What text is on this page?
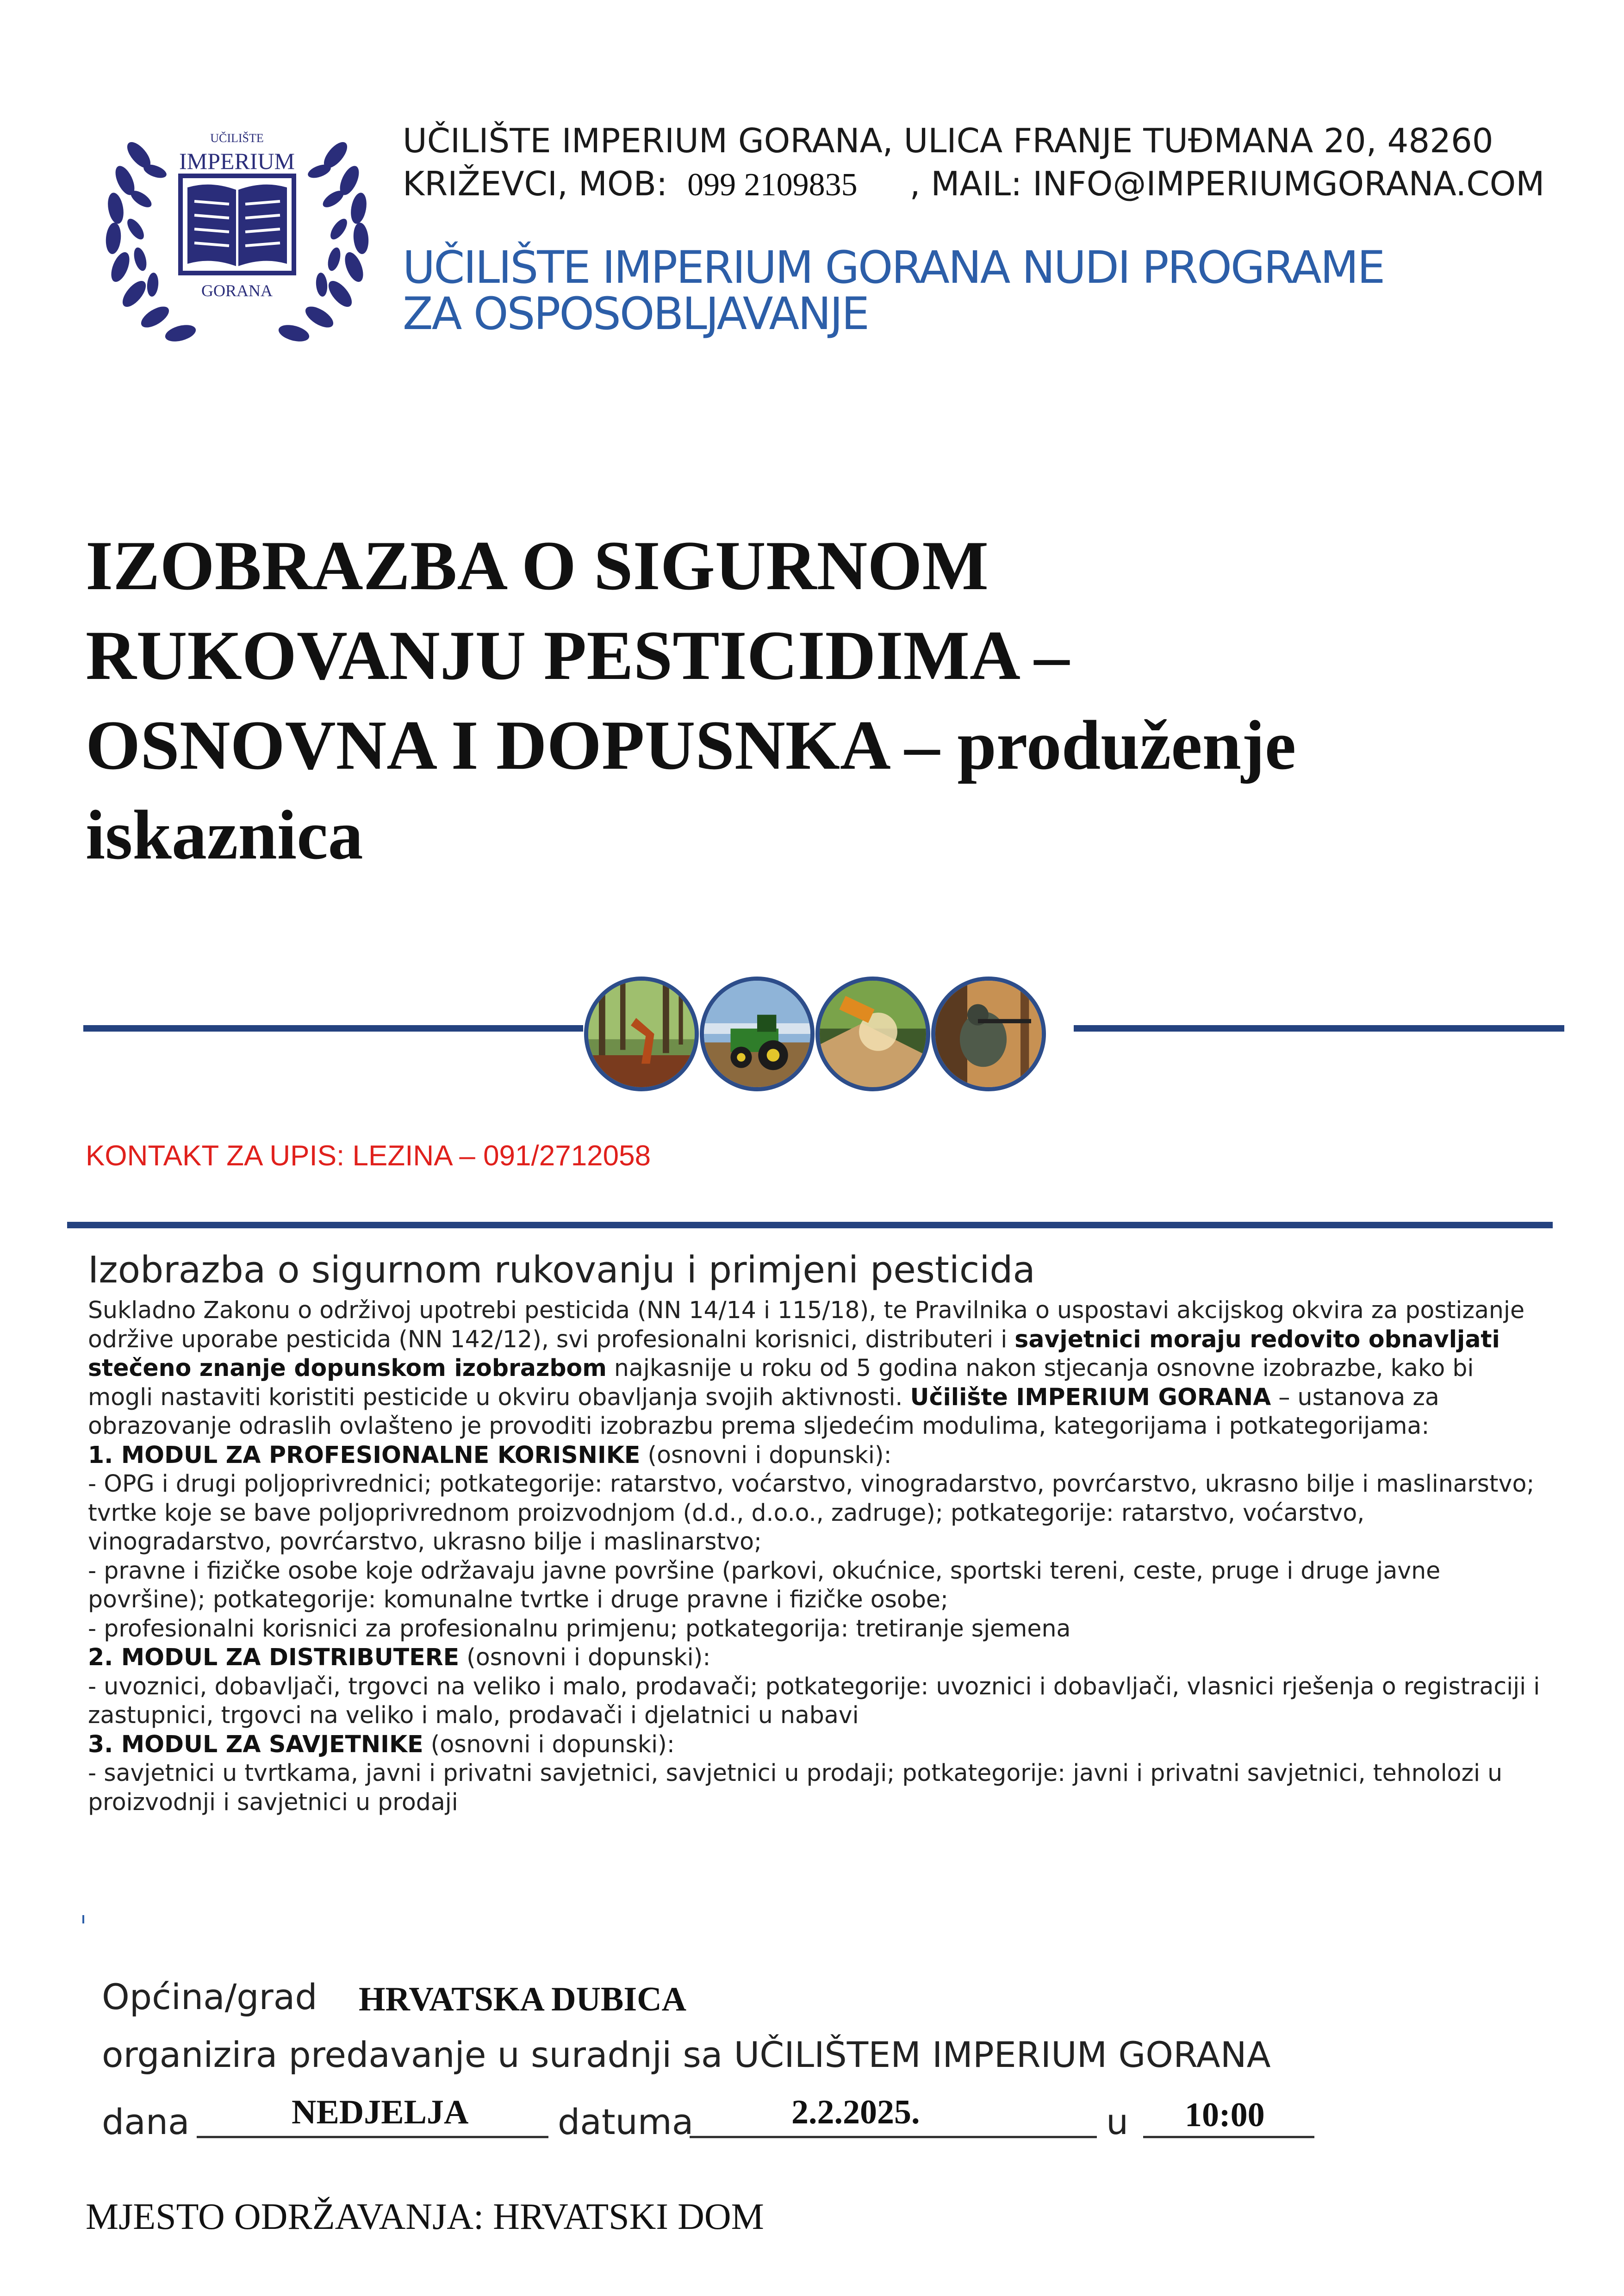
UČILIŠTE
IMPERIUM
GORANA
UČILIŠTE IMPERIUM GORANA, ULICA FRANJE TUĐMANA 20, 48260
KRIŽEVCI, MOB: 099 2109835 , MAIL: INFO@IMPERIUMGORANA.COM
UČILIŠTE IMPERIUM GORANA NUDI PROGRAME
ZA OSPOSOBLJAVANJE
IZOBRAZBA O SIGURNOM
RUKOVANJU PESTICIDIMA –
OSNOVNA I DOPUSNKA – produženje
iskaznica
KONTAKT ZA UPIS: LEZINA – 091/2712058
Izobrazba o sigurnom rukovanju i primjeni pesticida

Sukladno Zakonu o održivoj upotrebi pesticida (NN 14/14 i 115/18), te Pravilnika o uspostavi akcijskog okvira za postizanje održive uporabe pesticida (NN 142/12), svi profesionalni korisnici, distributeri i savjetnici moraju redovito obnavljati stečeno znanje dopunskom izobrazbom najkasnije u roku od 5 godina nakon stjecanja osnovne izobrazbe, kako bi mogli nastaviti koristiti pesticide u okviru obavljanja svojih aktivnosti. Učilište IMPERIUM GORANA – ustanova za obrazovanje odraslih ovlašteno je provoditi izobrazbu prema sljedećim modulima, kategorijama i potkategorijama:

1. MODUL ZA PROFESIONALNE KORISNIKE (osnovni i dopunski):

- OPG i drugi poljoprivrednici; potkategorije: ratarstvo, voćarstvo, vinogradarstvo, povrćarstvo, ukrasno bilje i maslinarstvo; tvrtke koje se bave poljoprivrednom proizvodnjom (d.d., d.o.o., zadruge); potkategorije: ratarstvo, voćarstvo, vinogradarstvo, povrćarstvo, ukrasno bilje i maslinarstvo;

- pravne i fizičke osobe koje održavaju javne površine (parkovi, okućnice, sportski tereni, ceste, pruge i druge javne površine); potkategorije: komunalne tvrtke i druge pravne i fizičke osobe;

- profesionalni korisnici za profesionalnu primjenu; potkategorija: tretiranje sjemena

2. MODUL ZA DISTRIBUTERE (osnovni i dopunski):

- uvoznici, dobavljači, trgovci na veliko i malo, prodavači; potkategorije: uvoznici i dobavljači, vlasnici rješenja o registraciji i zastupnici, trgovci na veliko i malo, prodavači i djelatnici u nabavi

3. MODUL ZA SAVJETNIKE (osnovni i dopunski):

- savjetnici u tvrtkama, javni i privatni savjetnici, savjetnici u prodaji; potkategorije: javni i privatni savjetnici, tehnolozi u proizvodnji i savjetnici u prodaji

Općina/grad HRVATSKA DUBICA
organizira predavanje u suradnji sa UČILIŠTEM IMPERIUM GORANA
dana	NEDJELJA	datuma	2.2.2025.	u 10:00
MJESTO ODRŽAVANJA: HRVATSKI DOM
